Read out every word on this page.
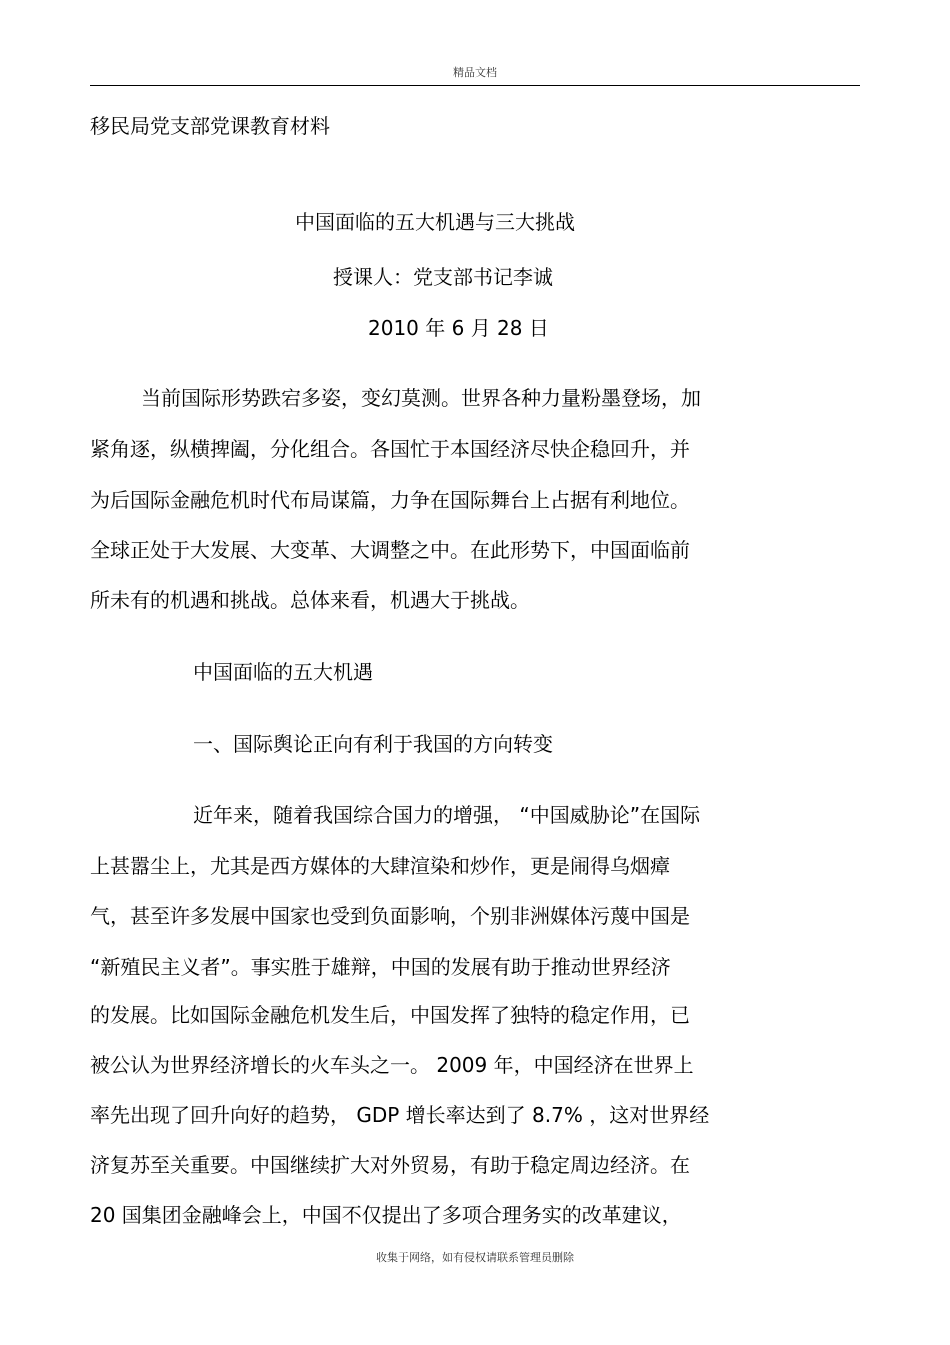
精品文档
移民局党支部党课教育材料
中国面临的五大机遇与三大挑战
授课人：党支部书记李诚
2010 年 6 月 28 日
当前国际形势跌宕多姿，变幻莫测。世界各种力量粉墨登场，加
紧角逐，纵横捭阖，分化组合。各国忙于本国经济尽快企稳回升，并
为后国际金融危机时代布局谋篇，力争在国际舞台上占据有利地位。
全球正处于大发展、大变革、大调整之中。在此形势下，中国面临前
所未有的机遇和挑战。总体来看，机遇大于挑战。
中国面临的五大机遇
一、国际舆论正向有利于我国的方向转变
近年来，随着我国综合国力的增强， “中国威胁论”在国际
上甚嚣尘上，尤其是西方媒体的大肆渲染和炒作，更是闹得乌烟瘴
气，甚至许多发展中国家也受到负面影响，个别非洲媒体污蔑中国是
“新殖民主义者”。事实胜于雄辩，中国的发展有助于推动世界经济
的发展。比如国际金融危机发生后，中国发挥了独特的稳定作用，已
被公认为世界经济增长的火车头之一。 2009 年，中国经济在世界上
率先出现了回升向好的趋势， GDP 增长率达到了 8.7% ，这对世界经
济复苏至关重要。中国继续扩大对外贸易，有助于稳定周边经济。在
20 国集团金融峰会上，中国不仅提出了多项合理务实的改革建议，
收集于网络，如有侵权请联系管理员删除
